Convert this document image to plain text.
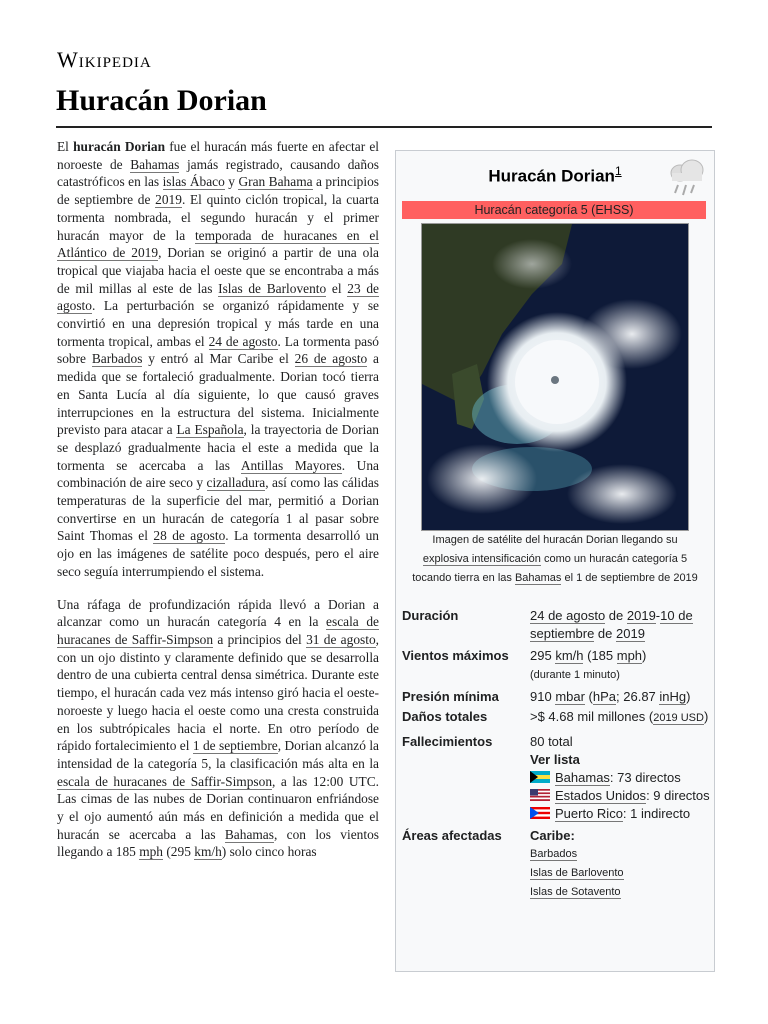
Wikipedia
Huracán Dorian

El huracán Dorian fue el huracán más fuerte en afectar el noroeste de Bahamas jamás registrado, causando daños catastróficos en las islas Ábaco y Gran Bahama a principios de septiembre de 2019. El quinto ciclón tropical, la cuarta tormenta nombrada, el segundo huracán y el primer huracán mayor de la temporada de huracanes en el Atlántico de 2019, Dorian se originó a partir de una ola tropical que viajaba hacia el oeste que se encontraba a más de mil millas al este de las Islas de Barlovento el 23 de agosto. La perturbación se organizó rápidamente y se convirtió en una depresión tropical y más tarde en una tormenta tropical, ambas el 24 de agosto. La tormenta pasó sobre Barbados y entró al Mar Caribe el 26 de agosto a medida que se fortaleció gradualmente. Dorian tocó tierra en Santa Lucía al día siguiente, lo que causó graves interrupciones en la estructura del sistema. Inicialmente previsto para atacar a La Española, la trayectoria de Dorian se desplazó gradualmente hacia el este a medida que la tormenta se acercaba a las Antillas Mayores. Una combinación de aire seco y cizalladura, así como las cálidas temperaturas de la superficie del mar, permitió a Dorian convertirse en un huracán de categoría 1 al pasar sobre Saint Thomas el 28 de agosto. La tormenta desarrolló un ojo en las imágenes de satélite poco después, pero el aire seco seguía interrumpiendo el sistema.

Una ráfaga de profundización rápida llevó a Dorian a alcanzar como un huracán categoría 4 en la escala de huracanes de Saffir-Simpson a principios del 31 de agosto, con un ojo distinto y claramente definido que se desarrolla dentro de una cubierta central densa simétrica. Durante este tiempo, el huracán cada vez más intenso giró hacia el oeste-noroeste y luego hacia el oeste como una cresta construida en los subtrópicales hacia el norte. En otro período de rápido fortalecimiento el 1 de septiembre, Dorian alcanzó la intensidad de la categoría 5, la clasificación más alta en la escala de huracanes de Saffir-Simpson, a las 12:00 UTC. Las cimas de las nubes de Dorian continuaron enfriándose y el ojo aumentó aún más en definición a medida que el huracán se acercaba a las Bahamas, con los vientos llegando a 185 mph (295 km/h) solo cinco horas

Huracán Dorian$^1$
Huracán categoría 5 (EHSS)
Imagen de satélite del huracán Dorian llegando su explosiva intensificación como un huracán categoría 5 tocando tierra en las Bahamas el 1 de septiembre de 2019
Duración	24 de agosto de 2019-10 de septiembre de 2019
Vientos máximos	295 km/h (185 mph)
(durante 1 minuto)
Presión mínima	910 mbar (hPa; 26.87 inHg)
Daños totales	>$ 4.68 mil millones (2019 USD)
Fallecimientos	80 total
Ver lista
Bahamas: 73 directos
Estados Unidos: 9 directos
Puerto Rico: 1 indirecto
Áreas afectadas	Caribe:
Barbados
Islas de Barlovento
Islas de Sotavento
